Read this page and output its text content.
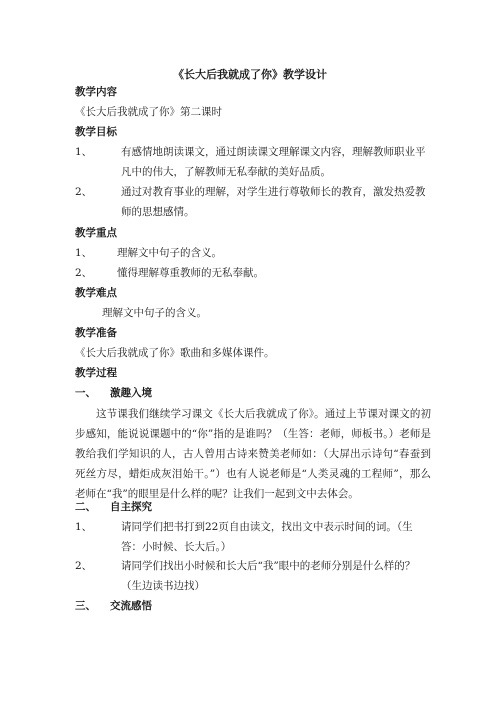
《长大后我就成了你》教学设计
教学内容
《长大后我就成了你》第二课时
教学目标
1、	有感情地朗读课文，通过朗读课文理解课文内容，理解教师职业平凡中的伟大，了解教师无私奉献的美好品质。
2、	通过对教育事业的理解，对学生进行尊敬师长的教育，激发热爱教师的思想感情。
教学重点
1、 理解文中句子的含义。
2、 懂得理解尊重教师的无私奉献。
教学难点
理解文中句子的含义。
教学准备
《长大后我就成了你》歌曲和多媒体课件。
教学过程
一、 激趣入境
这节课我们继续学习课文《长大后我就成了你》。通过上节课对课文的初步感知，能说说课题中的“你”指的是谁吗？（生答：老师，师板书。）老师是教给我们学知识的人，古人曾用古诗来赞美老师如：（大屏出示诗句“春蚕到死丝方尽，蜡炬成灰泪始干。”）也有人说老师是“人类灵魂的工程师”，那么老师在“我”的眼里是什么样的呢？让我们一起到文中去体会。
二、 自主探究
1、	请同学们把书打到22页自由读文，找出文中表示时间的词。（生答：小时候、长大后。）
2、	请同学们找出小时候和长大后“我”眼中的老师分别是什么样的？（生边读书边找）
三、 交流感悟
